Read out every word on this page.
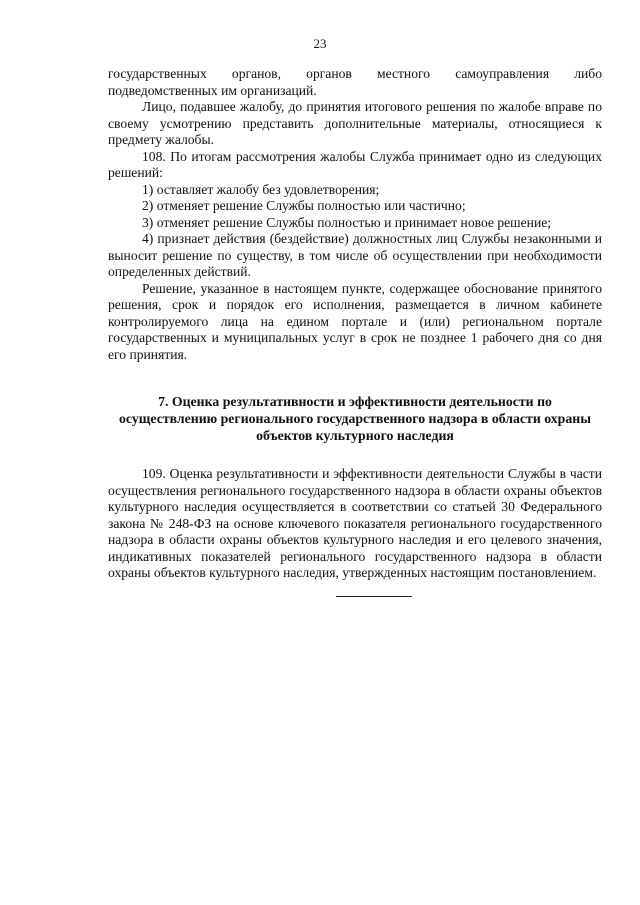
23

государственных органов, органов местного самоуправления либо подведомственных им организаций.

Лицо, подавшее жалобу, до принятия итогового решения по жалобе вправе по своему усмотрению представить дополнительные материалы, относящиеся к предмету жалобы.

108. По итогам рассмотрения жалобы Служба принимает одно из следующих решений:

1) оставляет жалобу без удовлетворения;

2) отменяет решение Службы полностью или частично;

3) отменяет решение Службы полностью и принимает новое решение;

4) признает действия (бездействие) должностных лиц Службы незаконными и выносит решение по существу, в том числе об осуществлении при необходимости определенных действий.

Решение, указанное в настоящем пункте, содержащее обоснование принятого решения, срок и порядок его исполнения, размещается в личном кабинете контролируемого лица на едином портале и (или) региональном портале государственных и муниципальных услуг в срок не позднее 1 рабочего дня со дня его принятия.

7. Оценка результативности и эффективности деятельности по осуществлению регионального государственного надзора в области охраны объектов культурного наследия

109. Оценка результативности и эффективности деятельности Службы в части осуществления регионального государственного надзора в области охраны объектов культурного наследия осуществляется в соответствии со статьей 30 Федерального закона № 248-ФЗ на основе ключевого показателя регионального государственного надзора в области охраны объектов культурного наследия и его целевого значения, индикативных показателей регионального государственного надзора в области охраны объектов культурного наследия, утвержденных настоящим постановлением.
